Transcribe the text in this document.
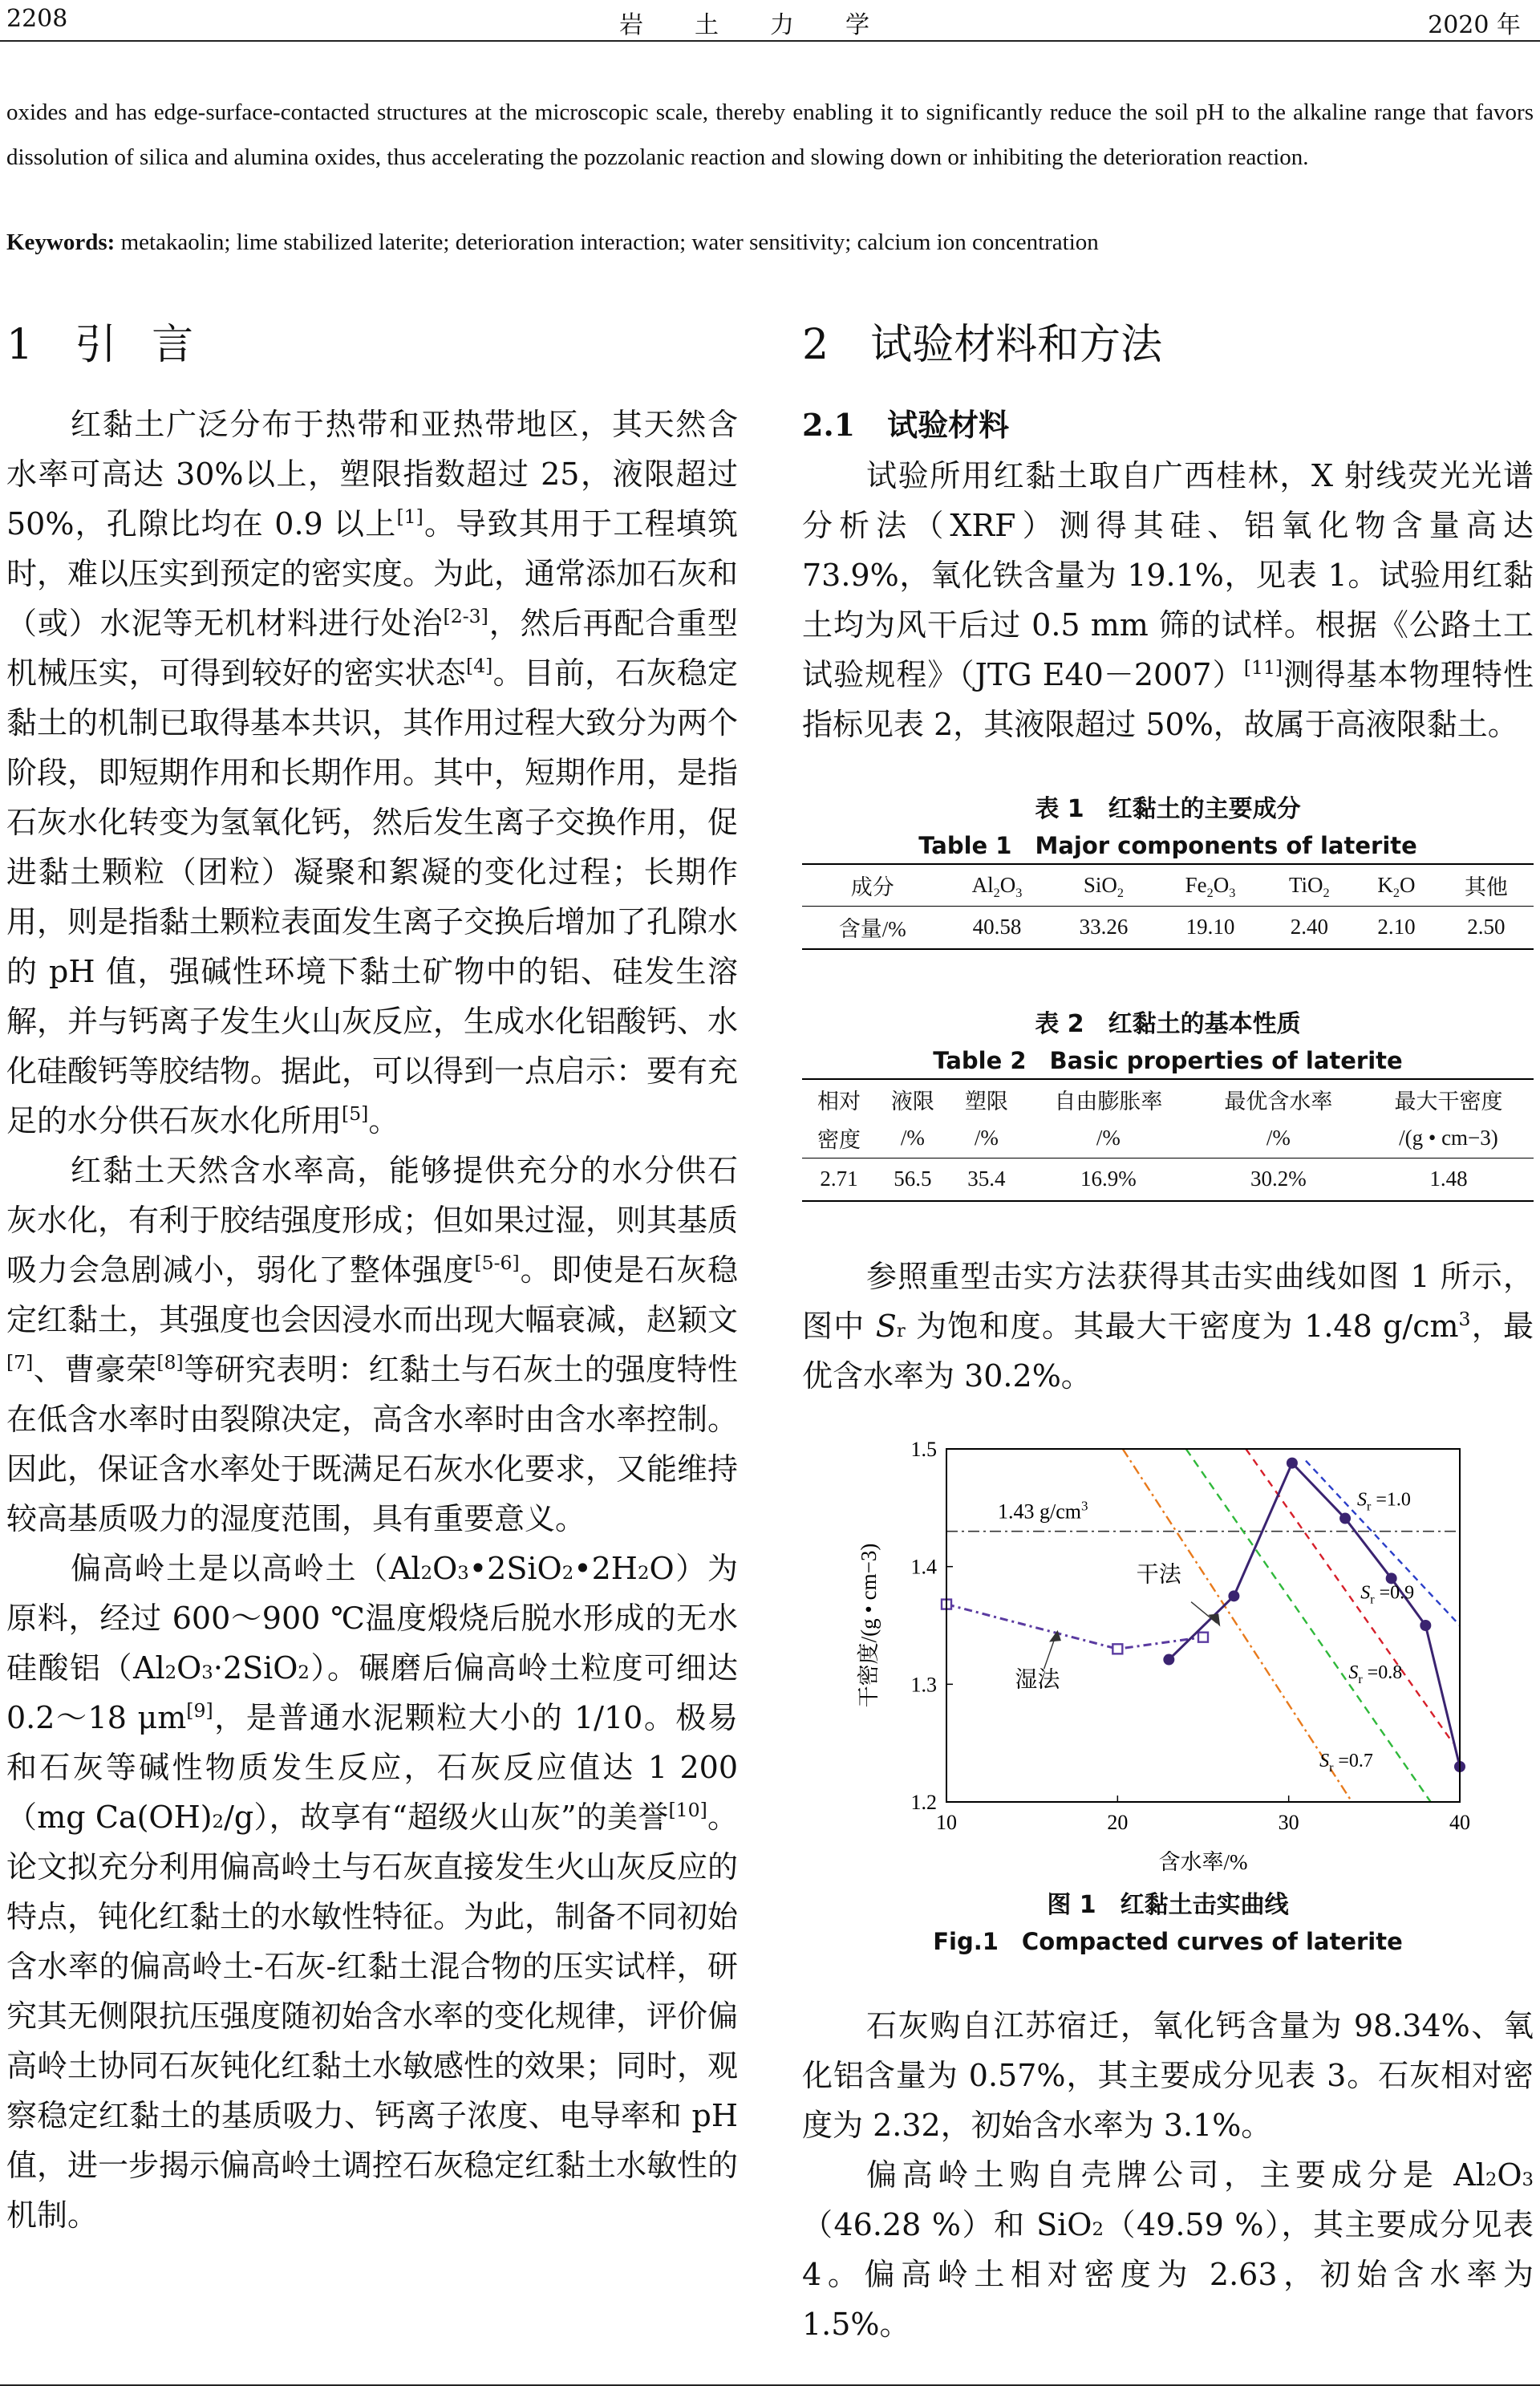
2208	岩土力学	2020 年
oxides and has edge-surface-contacted structures at the microscopic scale, thereby enabling it to significantly reduce the soil pH to the alkaline range that favors dissolution of silica and alumina oxides, thus accelerating the pozzolanic reaction and slowing down or inhibiting the deterioration reaction.
Keywords: metakaolin; lime stabilized laterite; deterioration interaction; water sensitivity; calcium ion concentration
1 引言

红黏土广泛分布于热带和亚热带地区，其天然含水率可高达 30%以上，塑限指数超过 25，液限超过 50%，孔隙比均在 0.9 以上[1]。导致其用于工程填筑时，难以压实到预定的密实度。为此，通常添加石灰和（或）水泥等无机材料进行处治[2-3]，然后再配合重型机械压实，可得到较好的密实状态[4]。目前，石灰稳定黏土的机制已取得基本共识，其作用过程大致分为两个阶段，即短期作用和长期作用。其中，短期作用，是指石灰水化转变为氢氧化钙，然后发生离子交换作用，促进黏土颗粒（团粒）凝聚和絮凝的变化过程；长期作用，则是指黏土颗粒表面发生离子交换后增加了孔隙水的 pH 值，强碱性环境下黏土矿物中的铝、硅发生溶解，并与钙离子发生火山灰反应，生成水化铝酸钙、水化硅酸钙等胶结物。据此，可以得到一点启示：要有充足的水分供石灰水化所用[5]。

红黏土天然含水率高，能够提供充分的水分供石灰水化，有利于胶结强度形成；但如果过湿，则其基质吸力会急剧减小，弱化了整体强度[5-6]。即使是石灰稳定红黏土，其强度也会因浸水而出现大幅衰减，赵颖文[7]、曹豪荣[8]等研究表明：红黏土与石灰土的强度特性在低含水率时由裂隙决定，高含水率时由含水率控制。因此，保证含水率处于既满足石灰水化要求，又能维持较高基质吸力的湿度范围，具有重要意义。

偏高岭土是以高岭土$(Al_2O_3•2SiO_2•2H_2O)$为原料，经过 600～900 ℃温度煅烧后脱水形成的无水硅酸铝$(Al_2O_3\cdot 2SiO_2)$。碾磨后偏高岭土粒度可细达 0.2～18 μm[9]，是普通水泥颗粒大小的 1/10。极易和石灰等碱性物质发生反应，石灰反应值达 1 200（mg $Ca(OH)_2/g$），故享有“超级火山灰”的美誉[10]。论文拟充分利用偏高岭土与石灰直接发生火山灰反应的特点，钝化红黏土的水敏性特征。为此，制备不同初始含水率的偏高岭土-石灰-红黏土混合物的压实试样，研究其无侧限抗压强度随初始含水率的变化规律，评价偏高岭土协同石灰钝化红黏土水敏感性的效果；同时，观察稳定红黏土的基质吸力、钙离子浓度、电导率和 pH 值，进一步揭示偏高岭土调控石灰稳定红黏土水敏性的机制。

2 试验材料和方法
2.1 试验材料

试验所用红黏土取自广西桂林，X 射线荧光光谱分析法（XRF）测得其硅、铝氧化物含量高达 73.9%，氧化铁含量为 19.1%，见表 1。试验用红黏土均为风干后过 0.5 mm 筛的试样。根据《公路土工试验规程》（JTG E40－2007）[11]测得基本物理特性指标见表 2，其液限超过 50%，故属于高液限黏土。

表 1　红黏土的主要成分

Table 1　Major components of laterite

成分	$Al_2O_3$	SiO$_2$	$Fe_2O_3$	TiO$_2$	$K_2O$	其他
含量/%	40.58	33.26	19.10	2.40	2.10	2.50

表 2　红黏土的基本性质

Table 2　Basic properties of laterite

相对	液限	塑限	自由膨胀率	最优含水率	最大干密度
密度	/%	/%	/%	/%	/(g • cm−3)
2.71	56.5	35.4	16.9%	30.2%	1.48

参照重型击实方法获得其击实曲线如图 1 所示，图中 $S_r$ 为饱和度。其最大干密度为 1.48 $g/cm^3$，最优含水率为 30.2%。

10	20	30	40
1.2
1.3
1.4
1.5
含水率/%
干密度/(g • cm−3)
1.43 $g/cm^3$	$S_r =1.0$
$S_r =0.9$
$S_r =0.8$
$S_r =0.7$
干法
湿法

图 1　红黏土击实曲线

Fig.1　Compacted curves of laterite

石灰购自江苏宿迁，氧化钙含量为 98.34%、氧化铝含量为 0.57%，其主要成分见表 3。石灰相对密度为 2.32，初始含水率为 3.1%。

偏高岭土购自壳牌公司，主要成分是 $Al_2O_3(46.28$ %）和 SiO$_2$（49.59 %），其主要成分见表 4。偏高岭土相对密度为 2.63，初始含水率为 1.5%。
